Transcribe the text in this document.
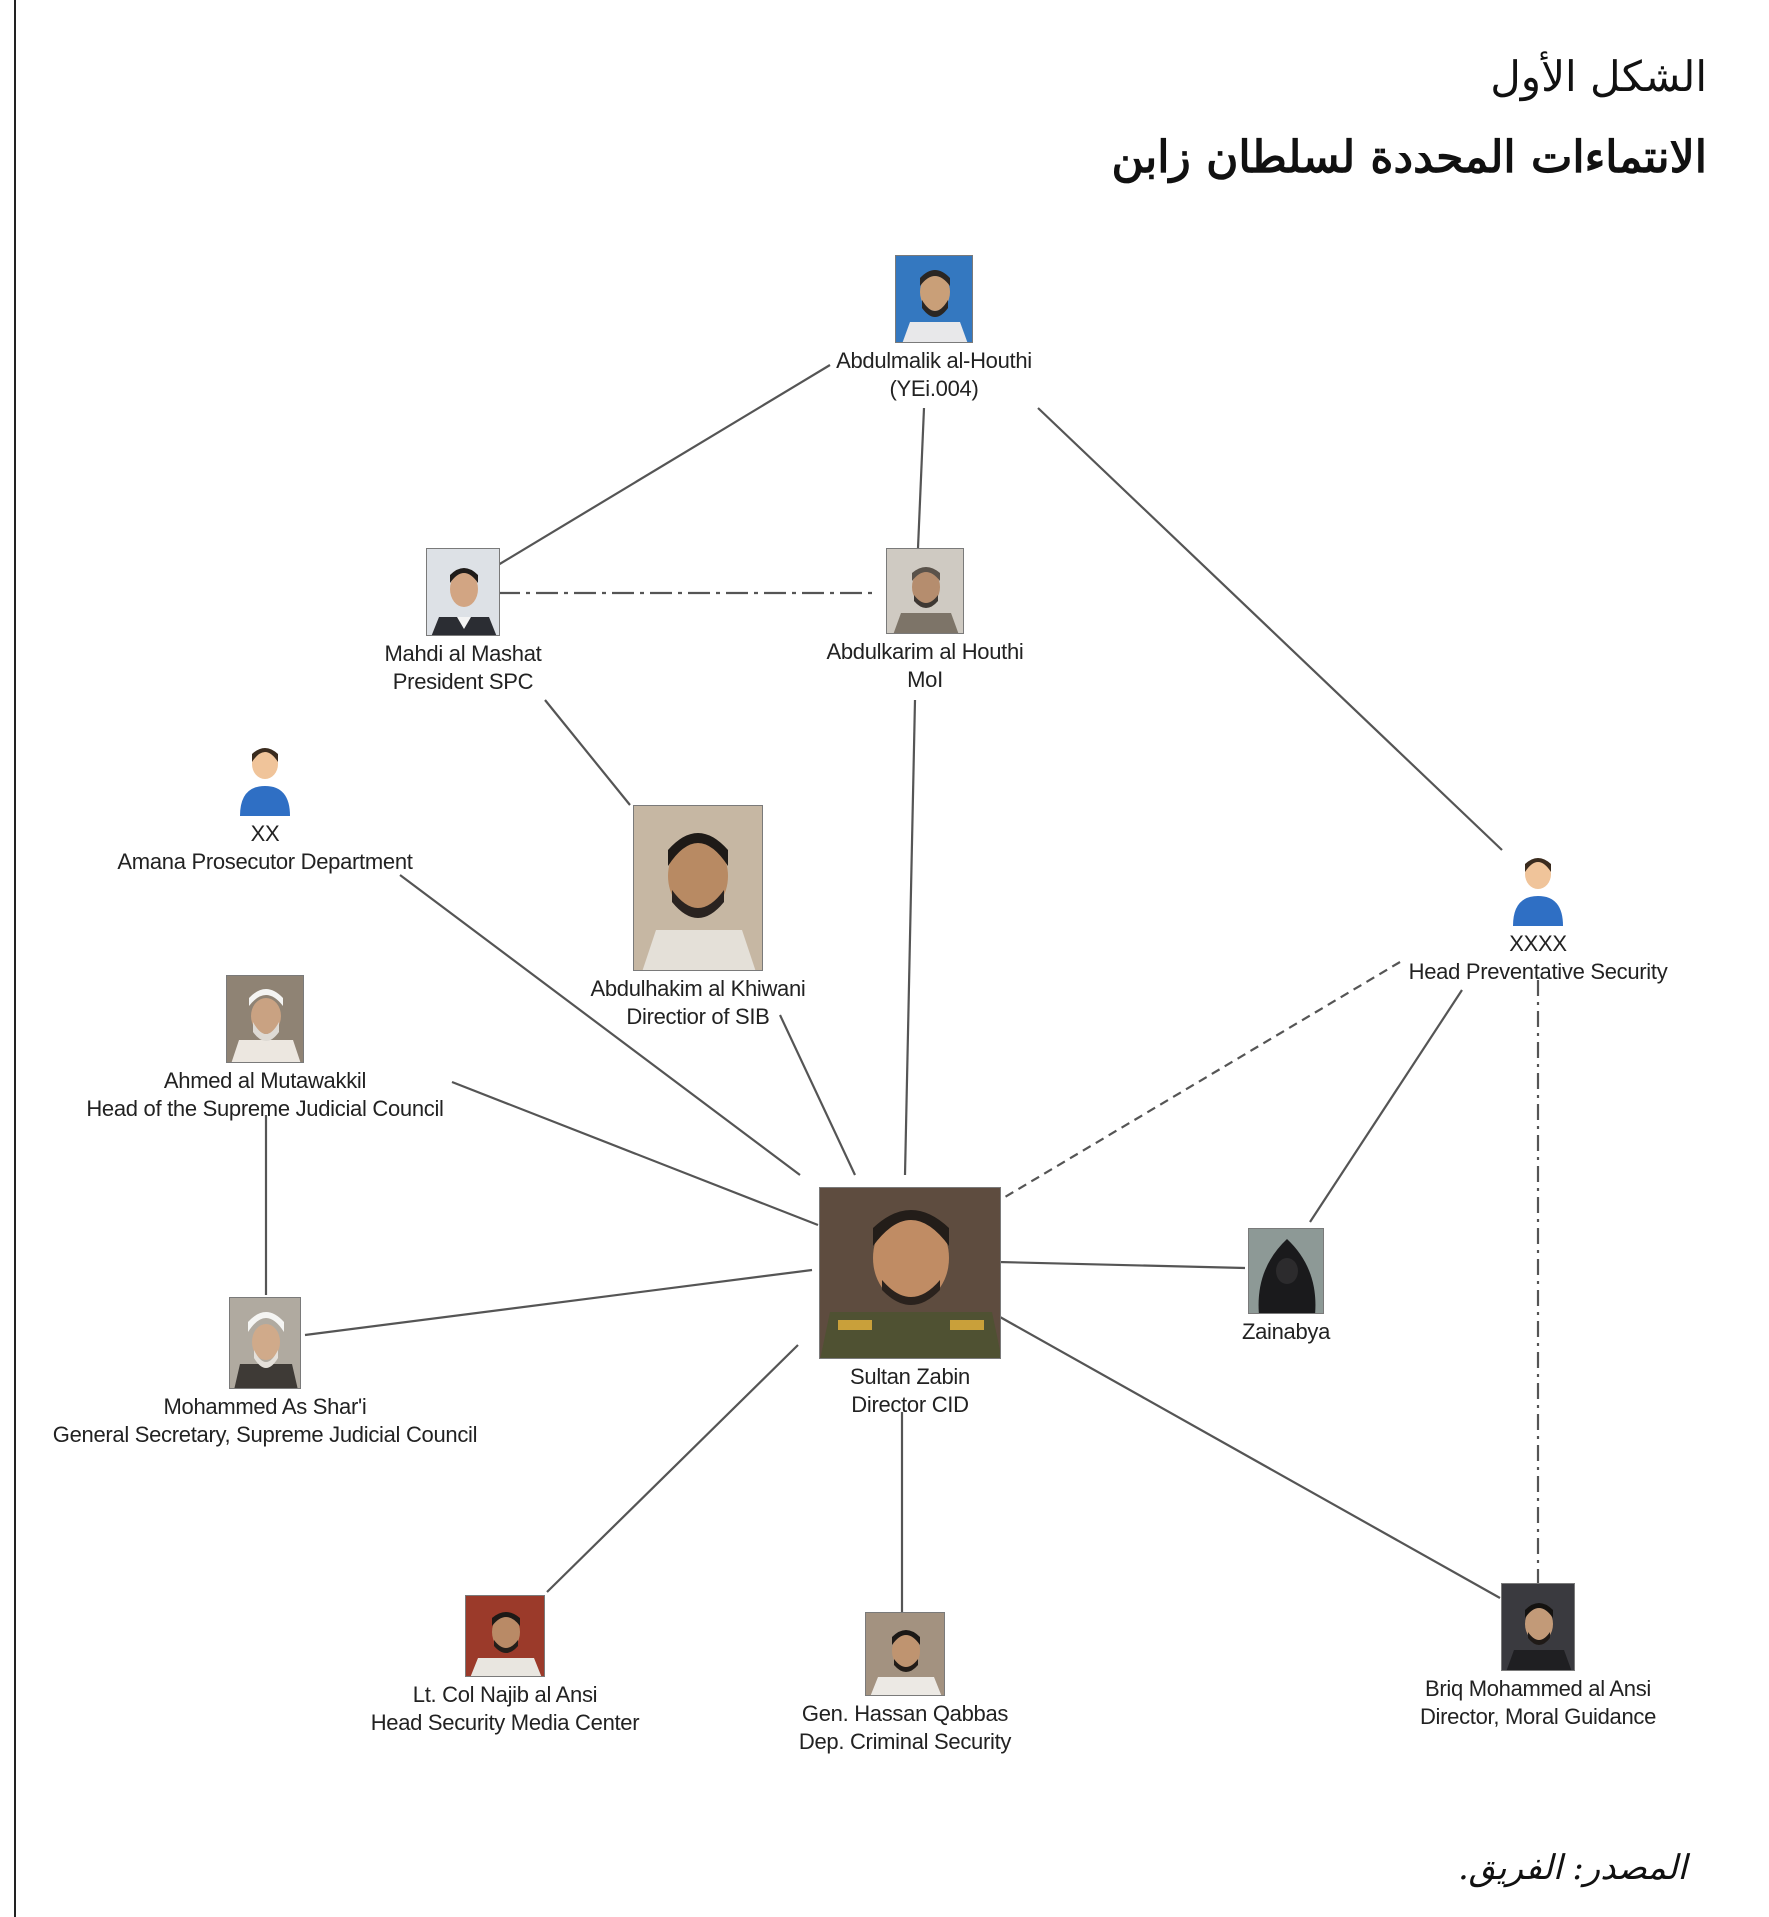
الشكل الأول
الانتماءات المحددة لسلطان زابن
Abdulmalik al-Houthi
(YEi.004)
Mahdi al Mashat
President SPC
Abdulkarim al Houthi
MoI
XX
Amana Prosecutor Department
Abdulhakim al Khiwani
Directior of SIB
XXXX
Head Preventative Security
Ahmed al Mutawakkil
Head of the Supreme Judicial Council
Sultan Zabin
Director CID
Zainabya
Mohammed As Shar'i
General Secretary, Supreme Judicial Council
Lt. Col Najib al Ansi
Head Security Media Center	Gen. Hassan Qabbas
Dep. Criminal Security
Briq Mohammed al Ansi
Director, Moral Guidance
المصدر:الفريق.
